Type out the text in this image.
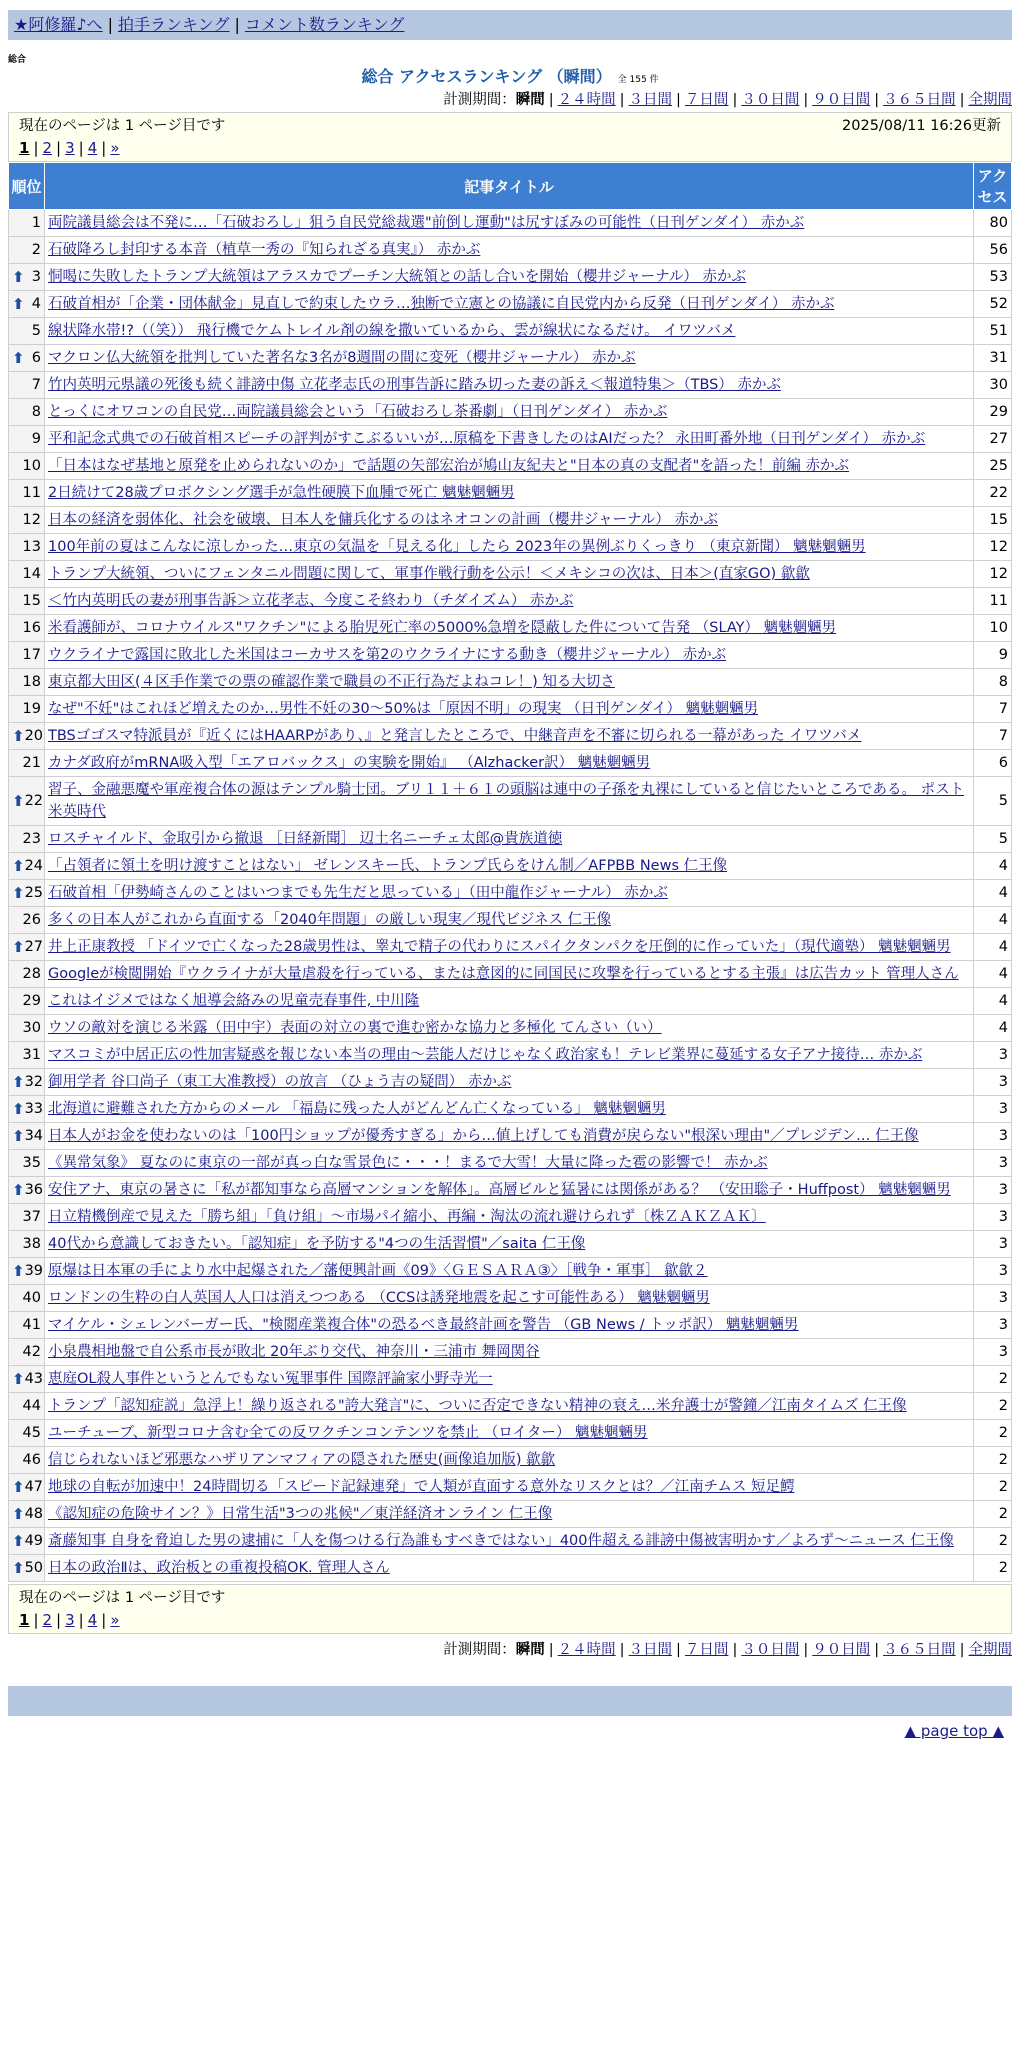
★阿修羅♪へ | 拍手ランキング | コメント数ランキング
総合
総合 アクセスランキング （瞬間） 全 155 件
計測期間：瞬間 | ２４時間 | ３日間 | ７日間 | ３０日間 | ９０日間 | ３６５日間 | 全期間
現在のページは 1 ページ目です	2025/08/11 16:26更新
1 | 2 | 3 | 4 | »
順位	記事タイトル	アクセス
1	両院議員総会は不発に…「石破おろし」狙う自民党総裁選"前倒し運動"は尻すぼみの可能性（日刊ゲンダイ） 赤かぶ	80
2	石破降ろし封印する本音（植草一秀の『知られざる真実』） 赤かぶ	56

⬆ 3	恫喝に失敗したトランプ大統領はアラスカでプーチン大統領との話し合いを開始（櫻井ジャーナル） 赤かぶ	53

⬆ 4	石破首相が「企業・団体献金」見直しで約束したウラ…独断で立憲との協議に自民党内から反発（日刊ゲンダイ） 赤かぶ	52
5	線状降水帯!?（（笑）） 飛行機でケムトレイル剤の線を撒いているから、雲が線状になるだけ。 イワツバメ	51

⬆ 6	マクロン仏大統領を批判していた著名な3名が8週間の間に変死（櫻井ジャーナル） 赤かぶ	31
7	竹内英明元県議の死後も続く誹謗中傷 立花孝志氏の刑事告訴に踏み切った妻の訴え＜報道特集＞（TBS） 赤かぶ	30
8	とっくにオワコンの自民党…両院議員総会という「石破おろし茶番劇」（日刊ゲンダイ） 赤かぶ	29
9	平和記念式典での石破首相スピーチの評判がすこぶるいいが…原稿を下書きしたのはAIだった？ 永田町番外地（日刊ゲンダイ） 赤かぶ	27
10	「日本はなぜ基地と原発を止められないのか」で話題の矢部宏治が鳩山友紀夫と"日本の真の支配者"を語った！前編 赤かぶ	25
11	2日続けて28歳プロボクシング選手が急性硬膜下血腫で死亡 魑魅魍魎男	22
12	日本の経済を弱体化、社会を破壊、日本人を傭兵化するのはネオコンの計画（櫻井ジャーナル） 赤かぶ	15
13	100年前の夏はこんなに涼しかった…東京の気温を「見える化」したら 2023年の異例ぶりくっきり （東京新聞） 魑魅魍魎男	12
14	トランプ大統領、ついにフェンタニル問題に関して、軍事作戦行動を公示！＜メキシコの次は、日本＞(直家GO) 歙歙	12
15	＜竹内英明氏の妻が刑事告訴＞立花孝志、今度こそ終わり（チダイズム） 赤かぶ	11
16	米看護師が、コロナウイルス"ワクチン"による胎児死亡率の5000%急増を隠蔽した件について告発 （SLAY） 魑魅魍魎男	10
17	ウクライナで露国に敗北した米国はコーカサスを第2のウクライナにする動き（櫻井ジャーナル） 赤かぶ	9
18	東京都大田区(４区手作業での票の確認作業で職員の不正行為だよねコレ！) 知る大切さ	8
19	なぜ"不妊"はこれほど増えたのか…男性不妊の30～50%は「原因不明」の現実 （日刊ゲンダイ） 魑魅魍魎男	7

⬆ 20	TBSゴゴスマ特派員が『近くにはHAARPがあり、』と発言したところで、中継音声を不審に切られる一幕があった イワツバメ	7
21	カナダ政府がmRNA吸入型「エアロバックス」の実験を開始』 （Alzhacker訳） 魑魅魍魎男	6

⬆ 22	習子、金融悪魔や軍産複合体の源はテンプル騎士団。ブリ１１＋６１の頭脳は連中の子孫を丸裸にしていると信じたいところである。 ポスト米英時代	5
23	ロスチャイルド、金取引から撤退 ［日経新聞］ 辺土名ニーチェ太郎@貴族道徳	5

⬆ 24	「占領者に領土を明け渡すことはない」 ゼレンスキー氏、トランプ氏らをけん制／AFPBB News 仁王像	4

⬆ 25	石破首相「伊勢崎さんのことはいつまでも先生だと思っている」（田中龍作ジャーナル） 赤かぶ	4
26	多くの日本人がこれから直面する「2040年問題」の厳しい現実／現代ビジネス 仁王像	4

⬆ 27	井上正康教授 「ドイツで亡くなった28歳男性は、睾丸で精子の代わりにスパイクタンパクを圧倒的に作っていた」（現代適塾） 魑魅魍魎男	4
28	Googleが検閲開始『ウクライナが大量虐殺を行っている、または意図的に同国民に攻撃を行っているとする主張』は広告カット 管理人さん	4
29	これはイジメではなく旭導会絡みの児童売春事件, 中川隆	4
30	ウソの敵対を演じる米露（田中宇）表面の対立の裏で進む密かな協力と多極化 てんさい（い）	4
31	マスコミが中居正広の性加害疑惑を報じない本当の理由～芸能人だけじゃなく政治家も！テレビ業界に蔓延する女子アナ接待… 赤かぶ	3

⬆ 32	御用学者 谷口尚子（東工大准教授）の放言 （ひょう吉の疑問） 赤かぶ	3

⬆ 33	北海道に避難された方からのメール 「福島に残った人がどんどん亡くなっている」 魑魅魍魎男	3

⬆ 34	日本人がお金を使わないのは「100円ショップが優秀すぎる」から…値上げしても消費が戻らない"根深い理由"／プレジデン… 仁王像	3
35	《異常気象》 夏なのに東京の一部が真っ白な雪景色に・・・！まるで大雪！大量に降った雹の影響で！ 赤かぶ	3

⬆ 36	安住アナ、東京の暑さに「私が都知事なら高層マンションを解体」。高層ビルと猛暑には関係がある？ （安田聡子・Huffpost） 魑魅魍魎男	3
37	日立精機倒産で見えた「勝ち組」「負け組」～市場パイ縮小、再編・淘汰の流れ避けられず〔株ＺＡＫＺＡＫ〕	3
38	40代から意識しておきたい。「認知症」を予防する"4つの生活習慣"／saita 仁王像	3

⬆ 39	原爆は日本軍の手により水中起爆された／藩便興計画《09》〈ＧＥＳＡＲＡ③〉［戦争・軍事］ 歙歙２	3
40	ロンドンの生粋の白人英国人人口は消えつつある （CCSは誘発地震を起こす可能性ある） 魑魅魍魎男	3
41	マイケル・シェレンバーガー氏、"検閲産業複合体"の恐るべき最終計画を警告 （GB News / トッポ訳） 魑魅魍魎男	3
42	小泉農相地盤で自公系市長が敗北 20年ぶり交代、神奈川・三浦市 舞岡関谷	3

⬆ 43	恵庭OL殺人事件というとんでもない冤罪事件 国際評論家小野寺光一	2
44	トランプ「認知症説」急浮上！繰り返される"誇大発言"に、ついに否定できない精神の衰え…米弁護士が警鐘／江南タイムズ 仁王像	2
45	ユーチューブ、新型コロナ含む全ての反ワクチンコンテンツを禁止 （ロイター） 魑魅魍魎男	2
46	信じられないほど邪悪なハザリアンマフィアの隠された歴史(画像追加版) 歙歙	2

⬆ 47	地球の自転が加速中！24時間切る「スピード記録連発」で人類が直面する意外なリスクとは？／江南チムス 短足鰐	2

⬆ 48	《認知症の危険サイン？》日常生活"3つの兆候"／東洋経済オンライン 仁王像	2

⬆ 49	斎藤知事 自身を脅迫した男の逮捕に「人を傷つける行為誰もすべきではない」400件超える誹謗中傷被害明かす／よろず～ニュース 仁王像	2

⬆ 50	日本の政治Ⅱは、政治板との重複投稿OK. 管理人さん	2
現在のページは 1 ページ目です
1 | 2 | 3 | 4 | »
計測期間：瞬間 | ２４時間 | ３日間 | ７日間 | ３０日間 | ９０日間 | ３６５日間 | 全期間
▲ page top ▲
